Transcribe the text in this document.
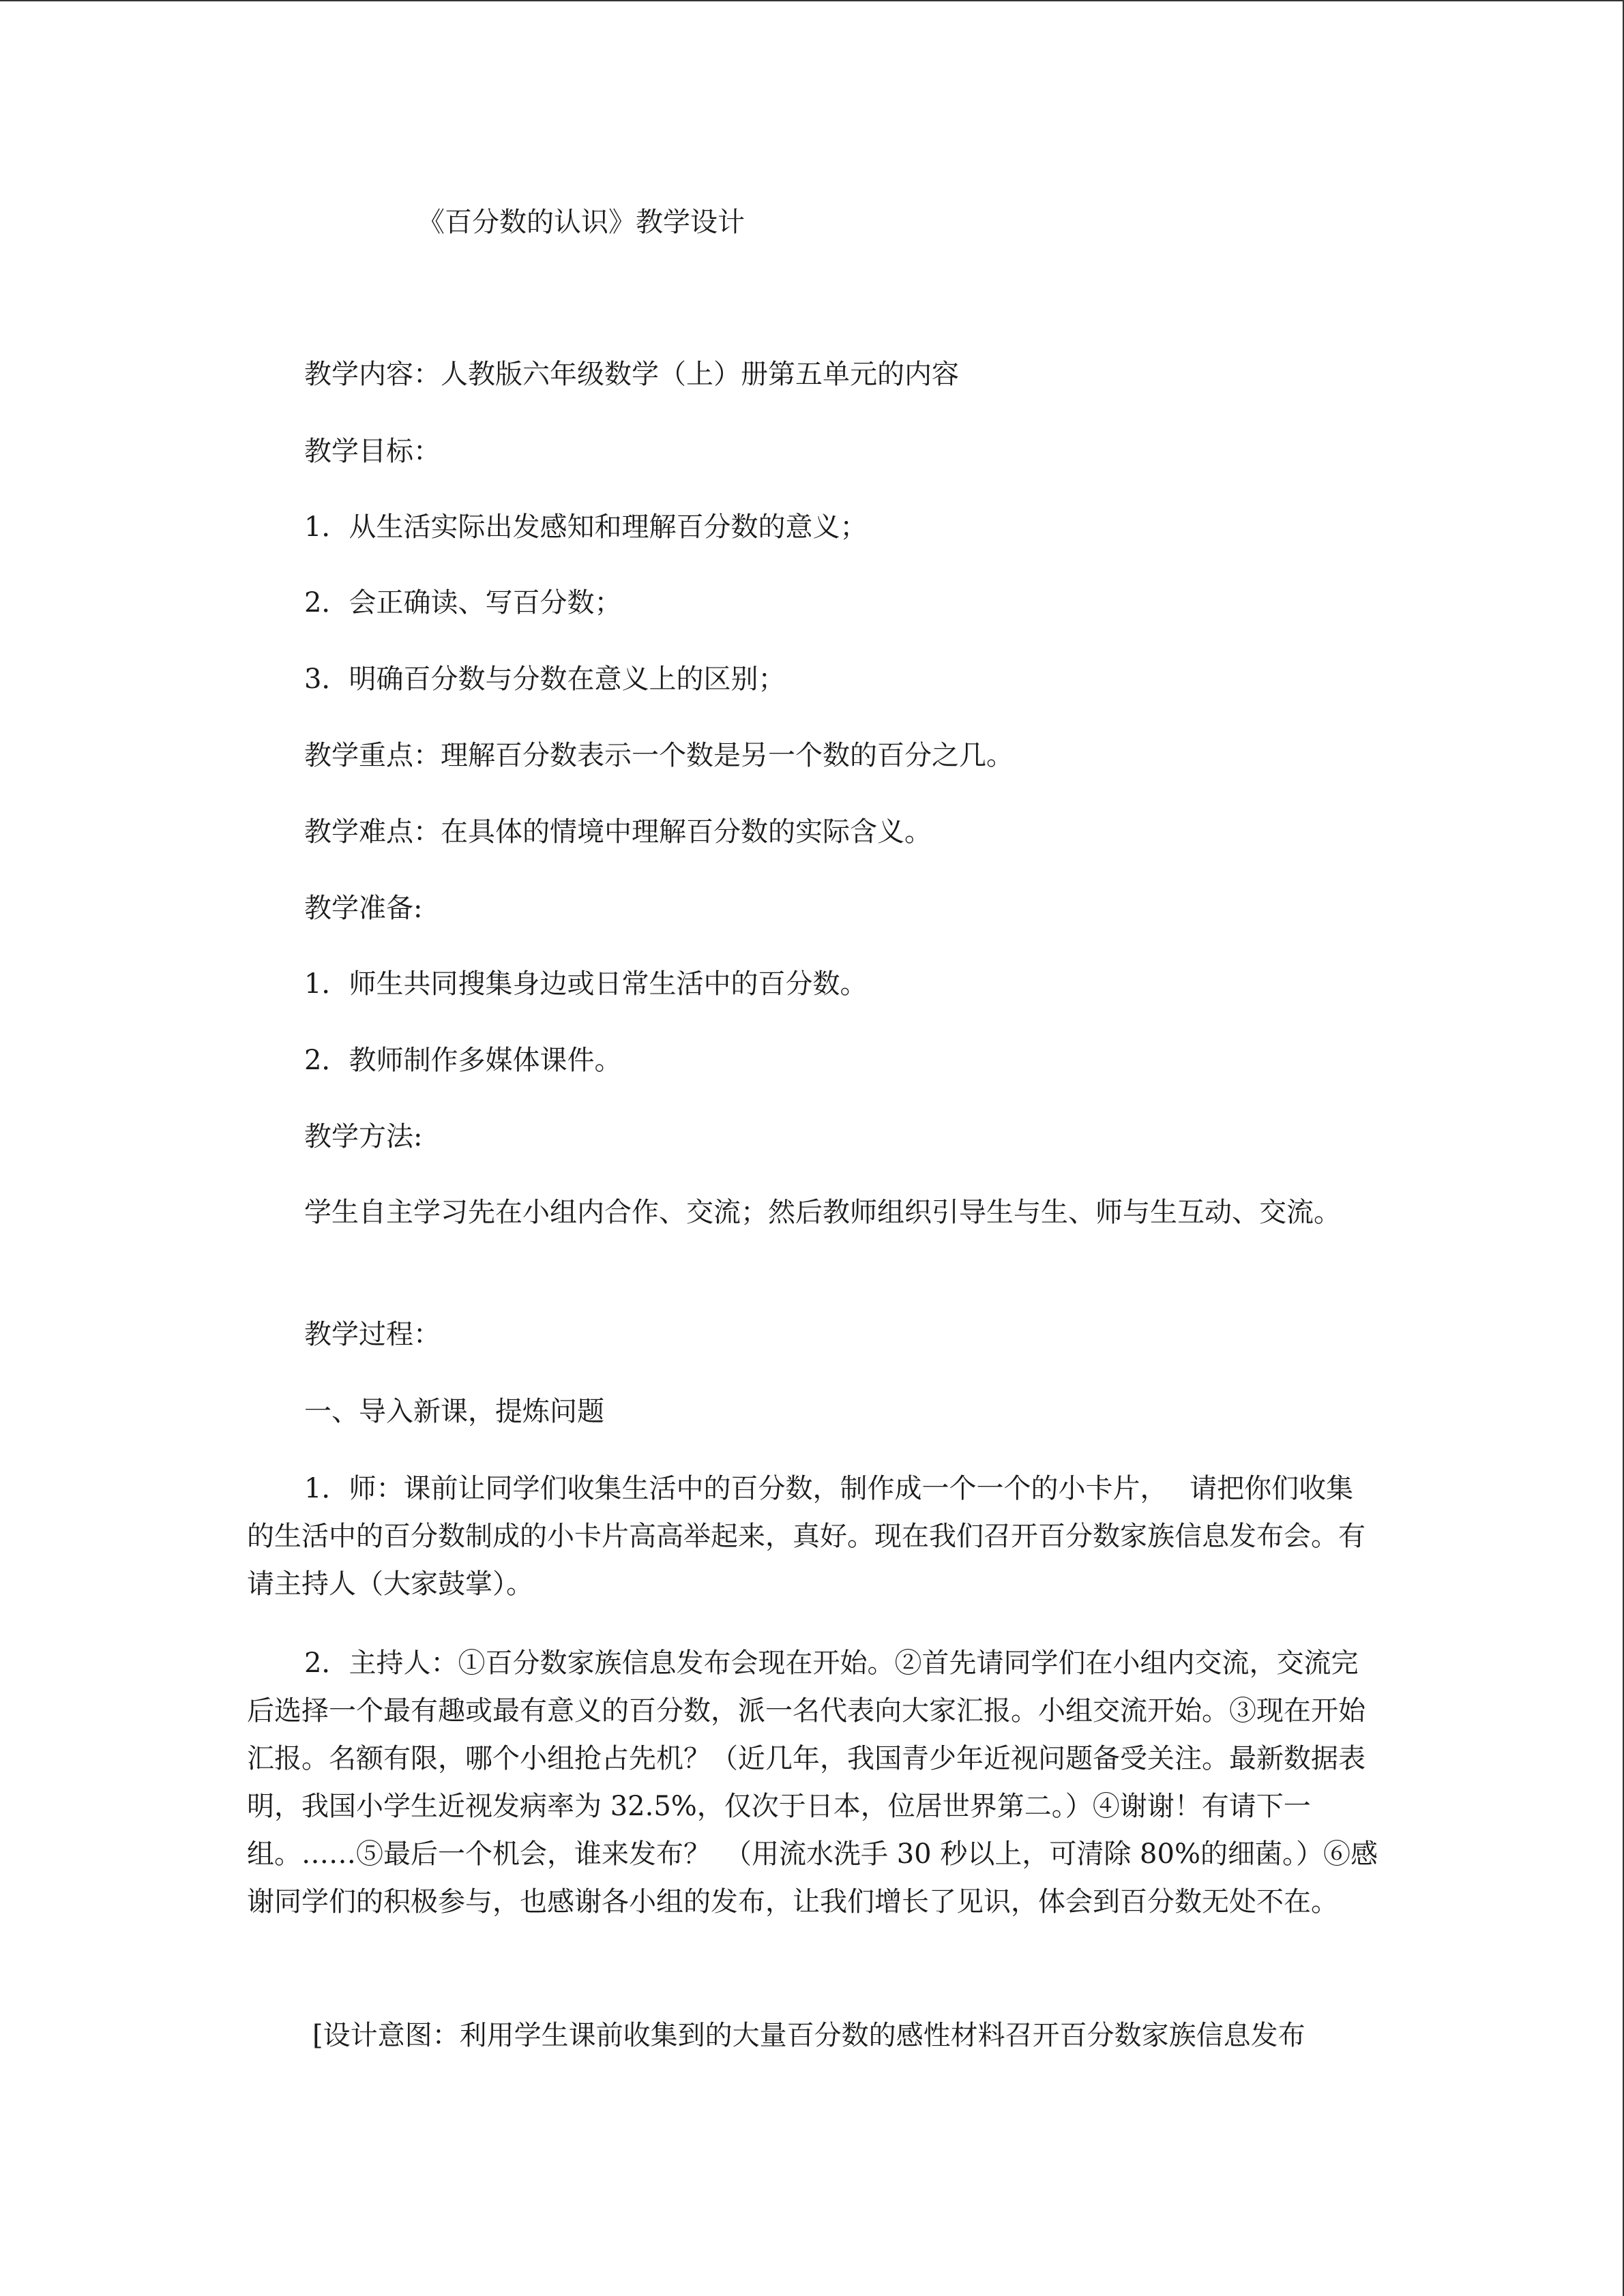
《百分数的认识》教学设计

教学内容：人教版六年级数学（上）册第五单元的内容

教学目标：

1．从生活实际出发感知和理解百分数的意义；

2．会正确读、写百分数；

3．明确百分数与分数在意义上的区别；

教学重点：理解百分数表示一个数是另一个数的百分之几。

教学难点：在具体的情境中理解百分数的实际含义。

教学准备:

1．师生共同搜集身边或日常生活中的百分数。

2．教师制作多媒体课件。

教学方法:

学生自主学习先在小组内合作、交流；然后教师组织引导生与生、师与生互动、交流。

教学过程：

一、导入新课，提炼问题

1．师：课前让同学们收集生活中的百分数，制作成一个一个的小卡片，　 请把你们收集的生活中的百分数制成的小卡片高高举起来，真好。现在我们召开百分数家族信息发布会。有请主持人（大家鼓掌）。

2．主持人：①百分数家族信息发布会现在开始。②首先请同学们在小组内交流，交流完后选择一个最有趣或最有意义的百分数，派一名代表向大家汇报。小组交流开始。③现在开始汇报。名额有限，哪个小组抢占先机？（近几年，我国青少年近视问题备受关注。最新数据表明，我国小学生近视发病率为 32.5%，仅次于日本，位居世界第二。）④谢谢！有请下一组。……⑤最后一个机会，谁来发布？　（用流水洗手 30 秒以上，可清除 80%的细菌。）⑥感谢同学们的积极参与，也感谢各小组的发布，让我们增长了见识，体会到百分数无处不在。

[设计意图：利用学生课前收集到的大量百分数的感性材料召开百分数家族信息发布
